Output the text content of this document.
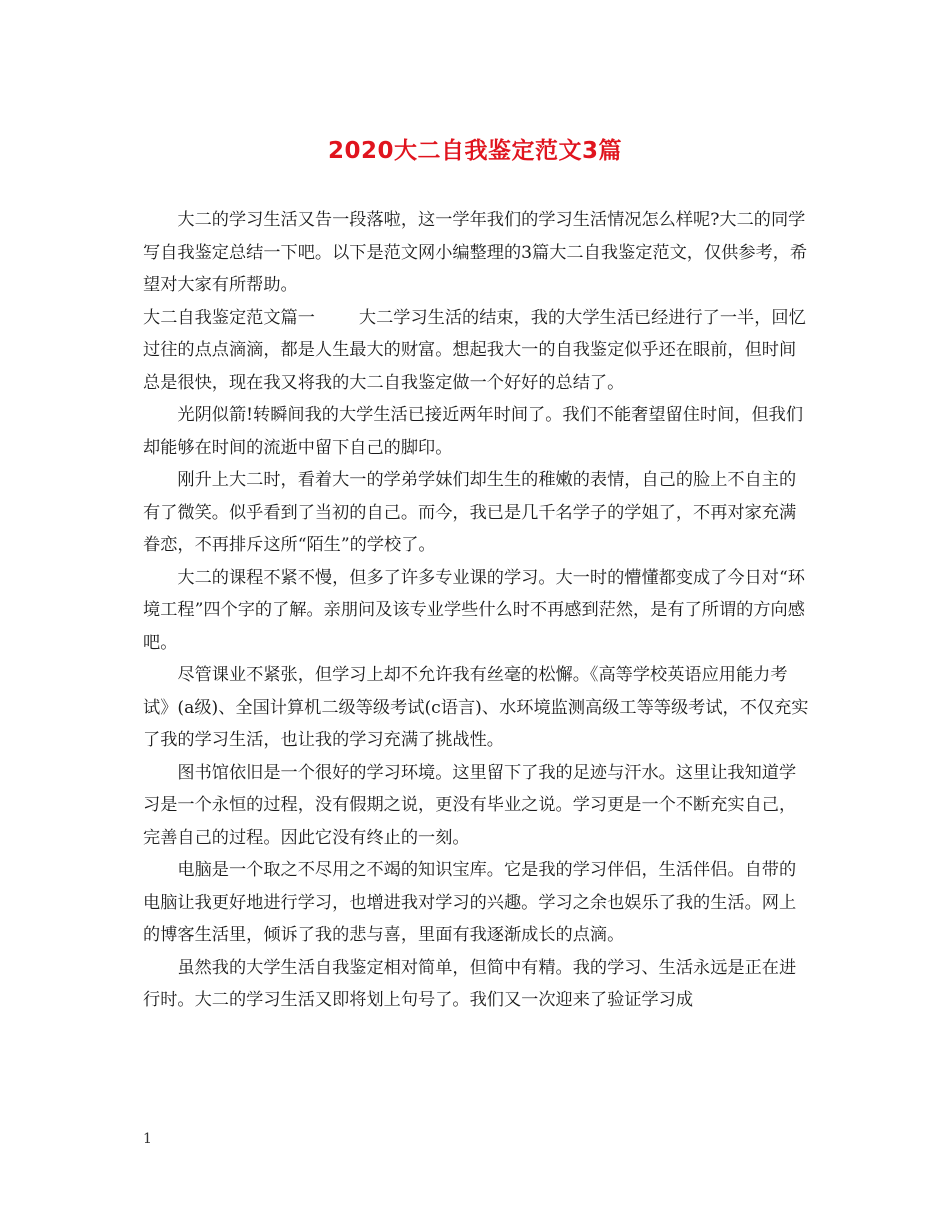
2020大二自我鉴定范文3篇

大二的学习生活又告一段落啦，这一学年我们的学习生活情况怎么样呢?大二的同学写自我鉴定总结一下吧。以下是范文网小编整理的3篇大二自我鉴定范文，仅供参考，希望对大家有所帮助。

大二自我鉴定范文篇一	大二学习生活的结束，我的大学生活已经进行了一半，回忆过往的点点滴滴，都是人生最大的财富。想起我大一的自我鉴定似乎还在眼前，但时间总是很快，现在我又将我的大二自我鉴定做一个好好的总结了。

光阴似箭!转瞬间我的大学生活已接近两年时间了。我们不能奢望留住时间，但我们却能够在时间的流逝中留下自己的脚印。

刚升上大二时，看着大一的学弟学妹们却生生的稚嫩的表情，自己的脸上不自主的有了微笑。似乎看到了当初的自己。而今，我已是几千名学子的学姐了，不再对家充满眷恋，不再排斥这所“陌生”的学校了。

大二的课程不紧不慢，但多了许多专业课的学习。大一时的懵懂都变成了今日对“环境工程”四个字的了解。亲朋问及该专业学些什么时不再感到茫然，是有了所谓的方向感吧。

尽管课业不紧张，但学习上却不允许我有丝毫的松懈。《高等学校英语应用能力考试》(a级)、全国计算机二级等级考试(c语言)、水环境监测高级工等等级考试，不仅充实了我的学习生活，也让我的学习充满了挑战性。

图书馆依旧是一个很好的学习环境。这里留下了我的足迹与汗水。这里让我知道学习是一个永恒的过程，没有假期之说，更没有毕业之说。学习更是一个不断充实自己，完善自己的过程。因此它没有终止的一刻。

电脑是一个取之不尽用之不竭的知识宝库。它是我的学习伴侣，生活伴侣。自带的电脑让我更好地进行学习，也增进我对学习的兴趣。学习之余也娱乐了我的生活。网上的博客生活里，倾诉了我的悲与喜，里面有我逐渐成长的点滴。

虽然我的大学生活自我鉴定相对简单，但简中有精。我的学习、生活永远是正在进行时。大二的学习生活又即将划上句号了。我们又一次迎来了验证学习成

1
